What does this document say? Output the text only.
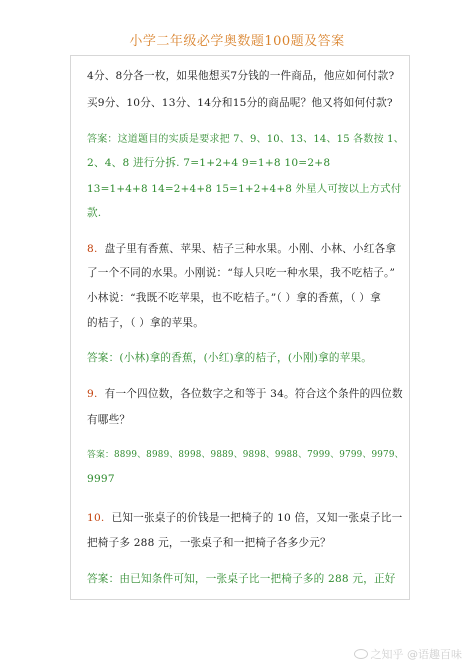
小学二年级必学奥数题100题及答案
4分、8分各一枚，如果他想买7分钱的一件商品，他应如何付款?
买9分、10分、13分、14分和15分的商品呢？他又将如何付款?
答案：这道题目的实质是要求把 7、9、10、13、14、15 各数按 1、
2、4、8 进行分拆. 7=1+2+4 9=1+8 10=2+8
13=1+4+8 14=2+4+8 15=1+2+4+8 外星人可按以上方式付
款.
8. 盘子里有香蕉、苹果、桔子三种水果。小刚、小林、小红各拿
了一个不同的水果。小刚说：“每人只吃一种水果，我不吃桔子。”
小林说：“我既不吃苹果，也不吃桔子。”（ ）拿的香蕉，（ ）拿
的桔子，（ ）拿的苹果。
答案：(小林)拿的香蕉，(小红)拿的桔子，(小刚)拿的苹果。
9. 有一个四位数，各位数字之和等于 34。符合这个条件的四位数
有哪些？
答案：8899、8989、8998、9889、9898、9988、7999、9799、9979、
9997
10. 已知一张桌子的价钱是一把椅子的 10 倍，又知一张桌子比一
把椅子多 288 元，一张桌子和一把椅子各多少元？
答案：由已知条件可知，一张桌子比一把椅子多的 288 元，正好
之知乎 @语趣百味
